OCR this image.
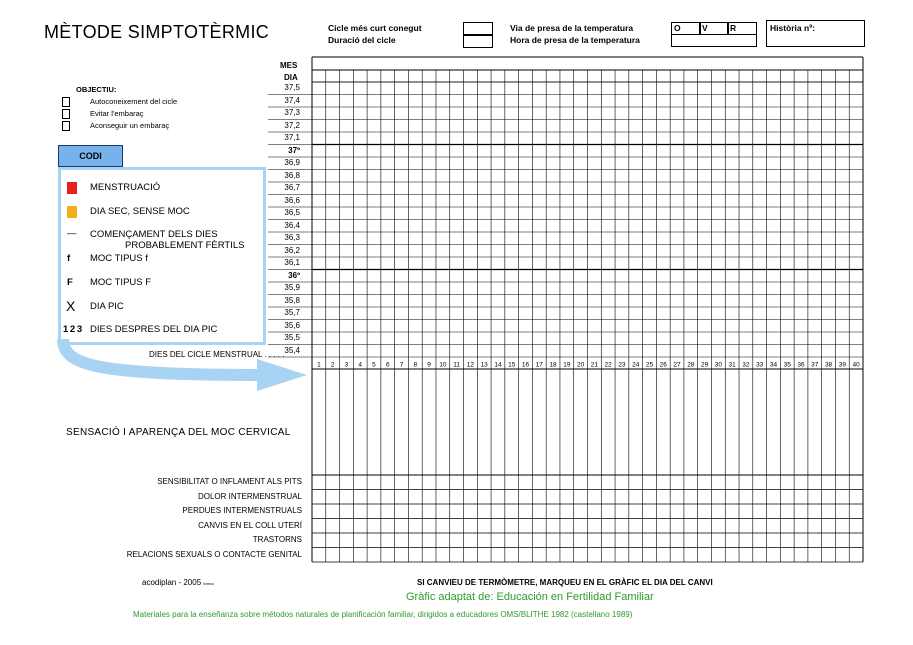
MÈTODE SIMPTOTÈRMIC	Cicle més curt conegut
Duració del cicle
Via de presa de la temperatura
Hora de presa de la temperatura
O	V	R	Història nº:
MES
DIA
OBJECTIU:
Autoconeixement del cicle
Evitar l'embaraç
Aconseguir un embaraç
CODI
MENSTRUACIÓ
DIA SEC, SENSE MOC
— COMENÇAMENT DELS DIES
PROBABLEMENT FÈRTILS
f MOC TIPUS f
F MOC TIPUS F
X DIA PIC
1 2 3 DIES DESPRES DEL DIA PIC
37,5
37,4
37,3
37,2
37,1
37º
36,9
36,8
36,7
36,6
36,5
36,4
36,3
36,2
36,1
36º
35,9
35,8
35,7
35,6
35,5
35,4
DIES DEL CICLE MENSTRUAL . . . . .
SENSACIÓ I APARENÇA DEL MOC CERVICAL
SENSIBILITAT O INFLAMENT ALS PITS
DOLOR INTERMENSTRUAL
PERDUES INTERMENSTRUALS
CANVIS EN EL COLL UTERÍ
TRASTORNS
RELACIONS SEXUALS O CONTACTE GENITAL
1 2 3 4 5 6 7 8 9 10 11 12 13 14 15 16 17 18 19 20 21 22 23 24 25 26 27 28 29 30 31 32 33 34 35 36 37 38 39 40
acodiplan - 2005 forma	SI CANVIEU DE TERMÒMETRE, MARQUEU EN EL GRÀFIC EL DIA DEL CANVI
Gràfic adaptat de: Educación en Fertilidad Familiar
Materiales para la enseñanza sobre métodos naturales de planificación familiar, dirigidos a educadores OMS/BLITHE 1982 (castellano 1989)
